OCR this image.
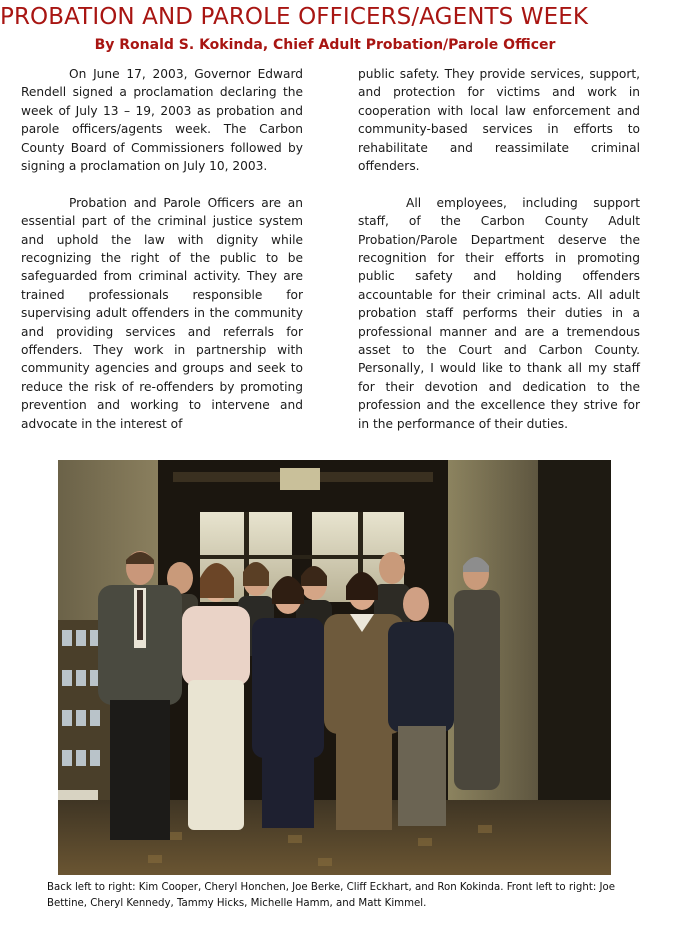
PROBATION AND PAROLE OFFICERS/AGENTS WEEK
By Ronald S. Kokinda, Chief Adult Probation/Parole Officer

On June 17, 2003, Governor Edward Rendell signed a proclamation declaring the week of July 13 – 19, 2003 as probation and parole officers/agents week. The Carbon County Board of Commissioners followed by signing a proclamation on July 10, 2003.

Probation and Parole Officers are an essential part of the criminal justice system and uphold the law with dignity while recognizing the right of the public to be safeguarded from criminal activity. They are trained professionals responsible for supervising adult offenders in the community and providing services and referrals for offenders. They work in partnership with community agencies and groups and seek to reduce the risk of re-offenders by promoting prevention and working to intervene and advocate in the interest of

public safety. They provide services, support, and protection for victims and work in cooperation with local law enforcement and community-based services in efforts to rehabilitate and reassimilate criminal offenders.

All employees, including support staff, of the Carbon County Adult Probation/Parole Department deserve the recognition for their efforts in promoting public safety and holding offenders accountable for their criminal acts. All adult probation staff performs their duties in a professional manner and are a tremendous asset to the Court and Carbon County. Personally, I would like to thank all my staff for their devotion and dedication to the profession and the excellence they strive for in the performance of their duties.

Back left to right: Kim Cooper, Cheryl Honchen, Joe Berke, Cliff Eckhart, and Ron Kokinda. Front left to right: Joe Bettine, Cheryl Kennedy, Tammy Hicks, Michelle Hamm, and Matt Kimmel.
